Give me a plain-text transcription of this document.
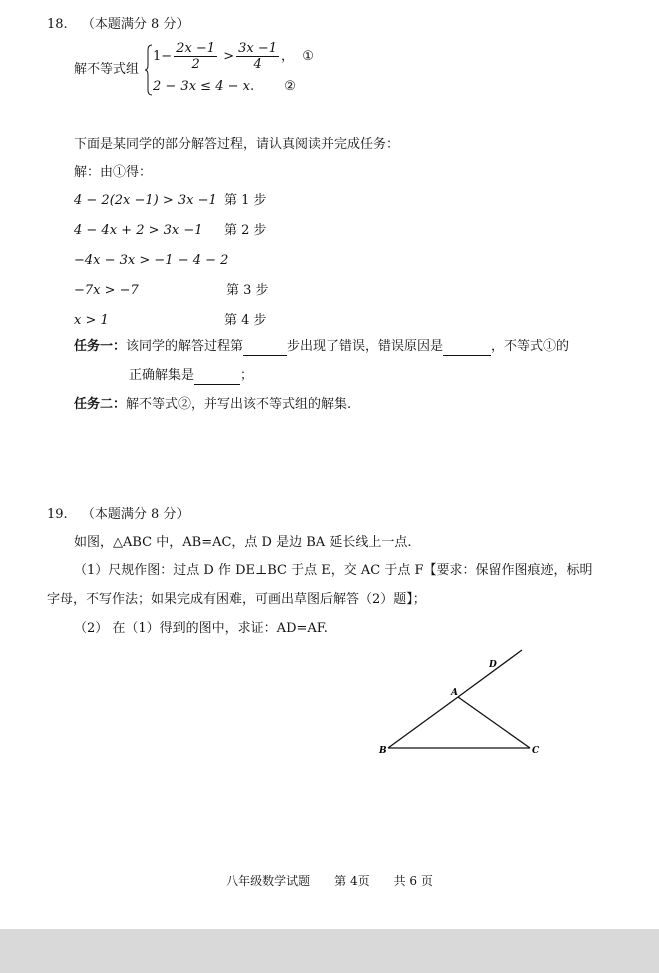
18. （本题满分 8 分）
解不等式组
$1- \frac{2x -1}{2} > \frac{3x -1}{4}$ ， ①
2 − 3x ≤ 4 − x. ②
下面是某同学的部分解答过程，请认真阅读并完成任务：
解：由①得：
4 − 2(2x −1) > 3x −1 第 1 步
4 − 4x + 2 > 3x −1 第 2 步
−4x − 3x > −1 − 4 − 2
−7x > −7	第 3 步
x > 1	第 4 步
任务一：该同学的解答过程第	步出现了错误，错误原因是	，不等式①的
正确解集是	；
任务二：解不等式②，并写出该不等式组的解集.
19. （本题满分 8 分）
如图，△ABC 中，AB=AC，点 D 是边 BA 延长线上一点.
（1）尺规作图：过点 D 作 DE⊥BC 于点 E，交 AC 于点 F【要求：保留作图痕迹，标明
字母，不写作法；如果完成有困难，可画出草图后解答（2）题】；
（2） 在（1）得到的图中，求证：AD=AF.
A
B	C
D
八年级数学试题　　第 4页　　共 6 页
